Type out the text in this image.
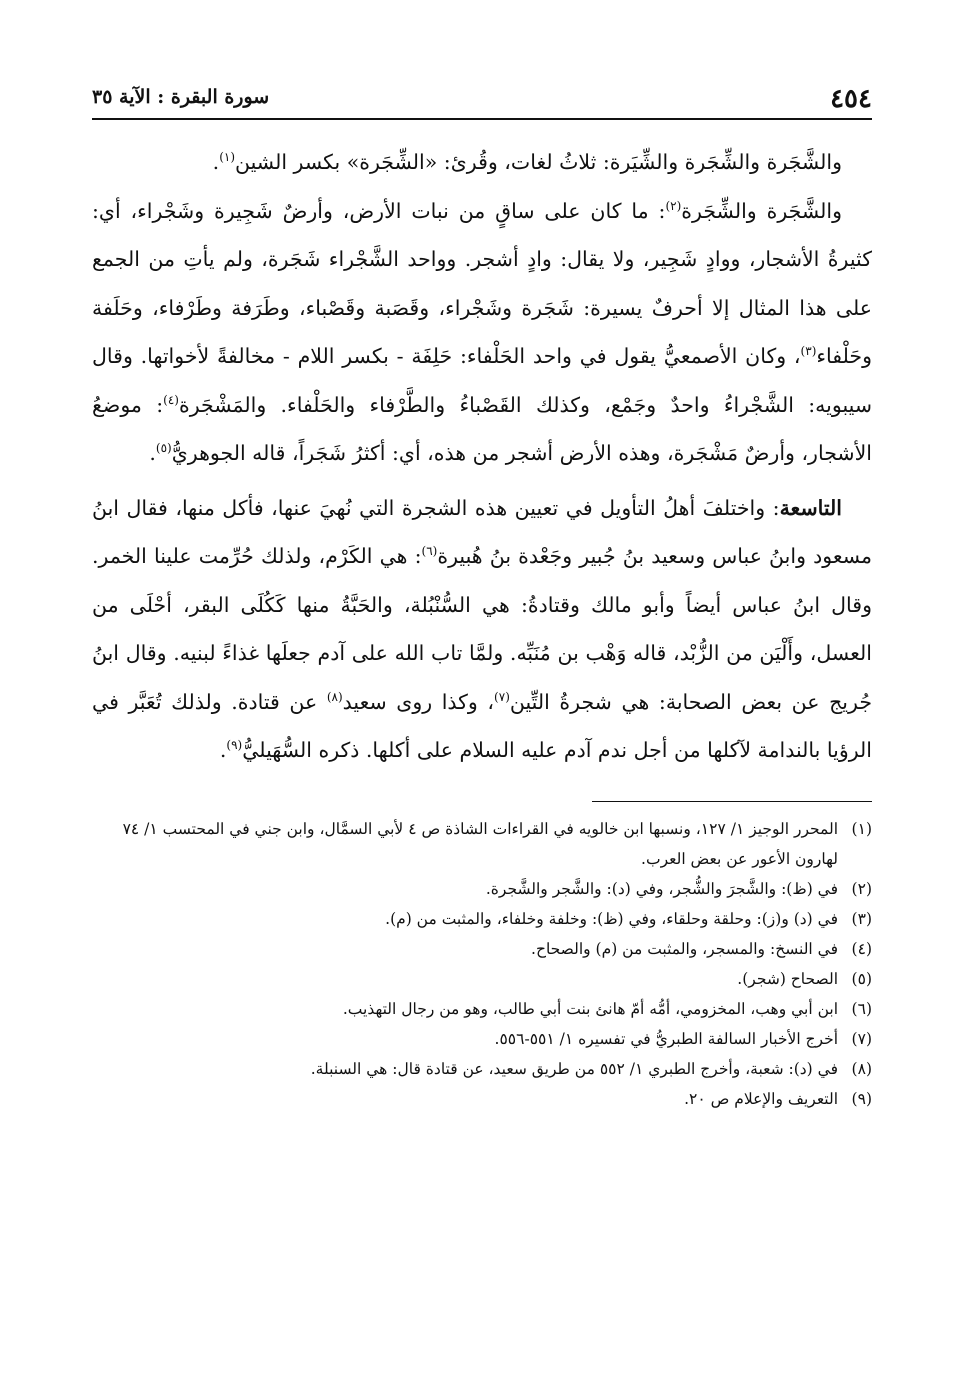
٤٥٤
سورة البقرة : الآية ٣٥

والشَّجَرة والشِّجَرة والشِّيَرة: ثلاثُ لغات، وقُرئ: «الشِّجَرة» بكسر الشين$^{(١)}$.

والشَّجَرة والشِّجَرة$^{(٢)}$: ما كان على ساقٍ من نبات الأرض، وأرضٌ شَجِيرة وشَجْراء، أي: كثيرةُ الأشجار، ووادٍ شَجِير، ولا يقال: وادٍ أشجر. وواحد الشَّجْراء شَجَرة، ولم يأتِ من الجمع على هذا المثال إلا أحرفٌ يسيرة: شَجَرة وشَجْراء، وقَصَبة وقَصْباء، وطَرَفة وطَرْفاء، وحَلَفة وحَلْفاء$^{(٣)}$، وكان الأصمعيُّ يقول في واحد الحَلْفاء: حَلِفَة - بكسر اللام - مخالفةً لأخواتها. وقال سيبويه: الشَّجْراءُ واحدٌ وجَمْع، وكذلك القَصْباءُ والطَّرْفاء والحَلْفاء. والمَشْجَرة$^{(٤)}$: موضعُ الأشجار، وأرضٌ مَشْجَرة، وهذه الأرض أشجر من هذه، أي: أكثرُ شَجَراً، قاله الجوهريُّ$^{(٥)}$.

التاسعة: واختلفَ أهلُ التأويل في تعيين هذه الشجرة التي نُهيَ عنها، فأكل منها، فقال ابنُ مسعود وابنُ عباس وسعيد بنُ جُبير وجَعْدة بنُ هُبيرة$^{(٦)}$: هي الكَرْم، ولذلك حُرِّمت علينا الخمر. وقال ابنُ عباس أيضاً وأبو مالك وقتادةُ: هي السُّنْبُلة، والحَبَّةُ منها كَكُلَى البقر، أحْلَى من العسل، وأَلْيَن من الزُّبْد، قاله وَهْب بن مُنَبِّه. ولمَّا تاب الله على آدم جعلَها غذاءً لبنيه. وقال ابنُ جُريج عن بعض الصحابة: هي شجرةُ التِّين$^{(٧)}$، وكذا روى سعيد$^{(٨)}$ عن قتادة. ولذلك تُعَبَّر في الرؤيا بالندامة لآكلها من أجل ندم آدم عليه السلام على أكلها. ذكره السُّهَيليُّ$^{(٩)}$.

(١)
المحرر الوجيز ١/ ١٢٧، ونسبها ابن خالويه في القراءات الشاذة ص ٤ لأبي السمَّال، وابن جني في المحتسب ١/ ٧٤ لهارون الأعور عن بعض العرب.
(٢)
في (ظ): والشَّجرَ والشُّجر، وفي (د): والشَّجر والشَّجرة.
(٣)
في (د) و(ز): وحلقة وحلقاء، وفي (ظ): وخلفة وخلفاء، والمثبت من (م).
(٤)
في النسخ: والمسجر، والمثبت من (م) والصحاح.
(٥)
الصحاح (شجر).
(٦)
ابن أبي وهب، المخزومي، أمُّه أمّ هانئ بنت أبي طالب، وهو من رجال التهذيب.
(٧)
أخرج الأخبار السالفة الطبريُّ في تفسيره ١/ ٥٥١-٥٥٦.
(٨)
في (د): شعبة، وأخرج الطبري ١/ ٥٥٢ من طريق سعيد، عن قتادة قال: هي السنبلة.
(٩)
التعريف والإعلام ص ٢٠.
